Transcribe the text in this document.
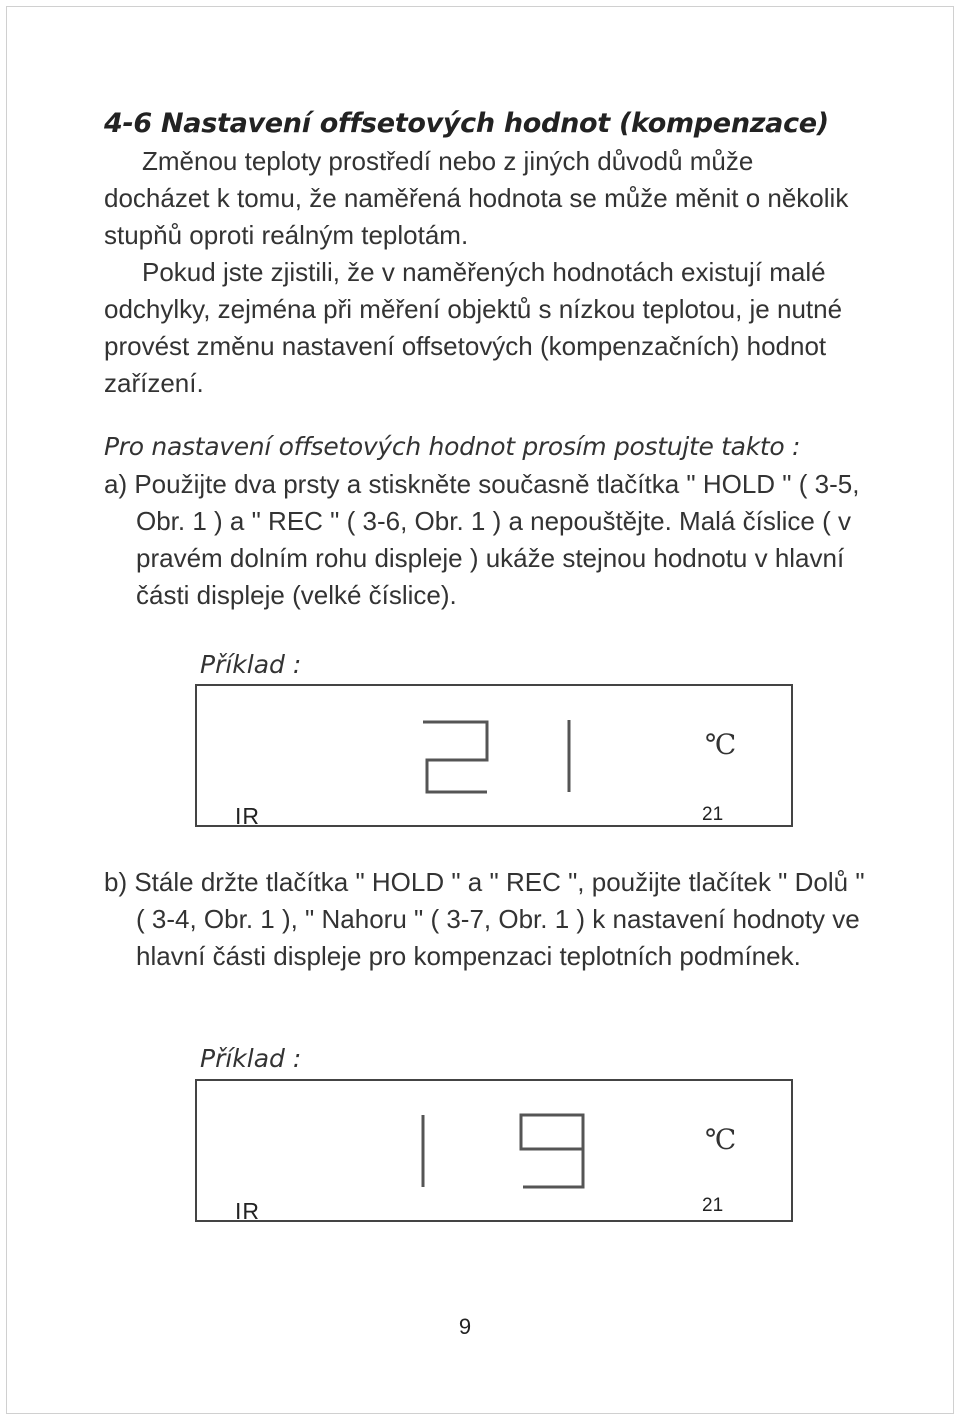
4-6 Nastavení offsetových hodnot (kompenzace)

Změnou teploty prostředí nebo z jiných důvodů může docházet k tomu, že naměřená hodnota se může měnit o několik stupňů oproti reálným teplotám.

Pokud jste zjistili, že v naměřených hodnotách existují malé odchylky, zejména při měření objektů s nízkou teplotou, je nutné provést změnu nastavení offsetových (kompenzačních) hodnot zařízení.

Pro nastavení offsetových hodnot prosím postujte takto :

a) Použijte dva prsty a stiskněte současně tlačítka " HOLD " ( 3-5, Obr. 1 ) a " REC " ( 3-6, Obr. 1 ) a nepouštějte. Malá číslice ( v pravém dolním rohu displeje ) ukáže stejnou hodnotu v hlavní části displeje (velké číslice).

Příklad :
℃
IR	21

b) Stále držte tlačítka " HOLD " a " REC ", použijte tlačítek " Dolů " ( 3-4, Obr. 1 ), " Nahoru " ( 3-7, Obr. 1 ) k nastavení hodnoty ve hlavní části displeje pro kompenzaci teplotních podmínek.

Příklad :
℃
IR	21
9
